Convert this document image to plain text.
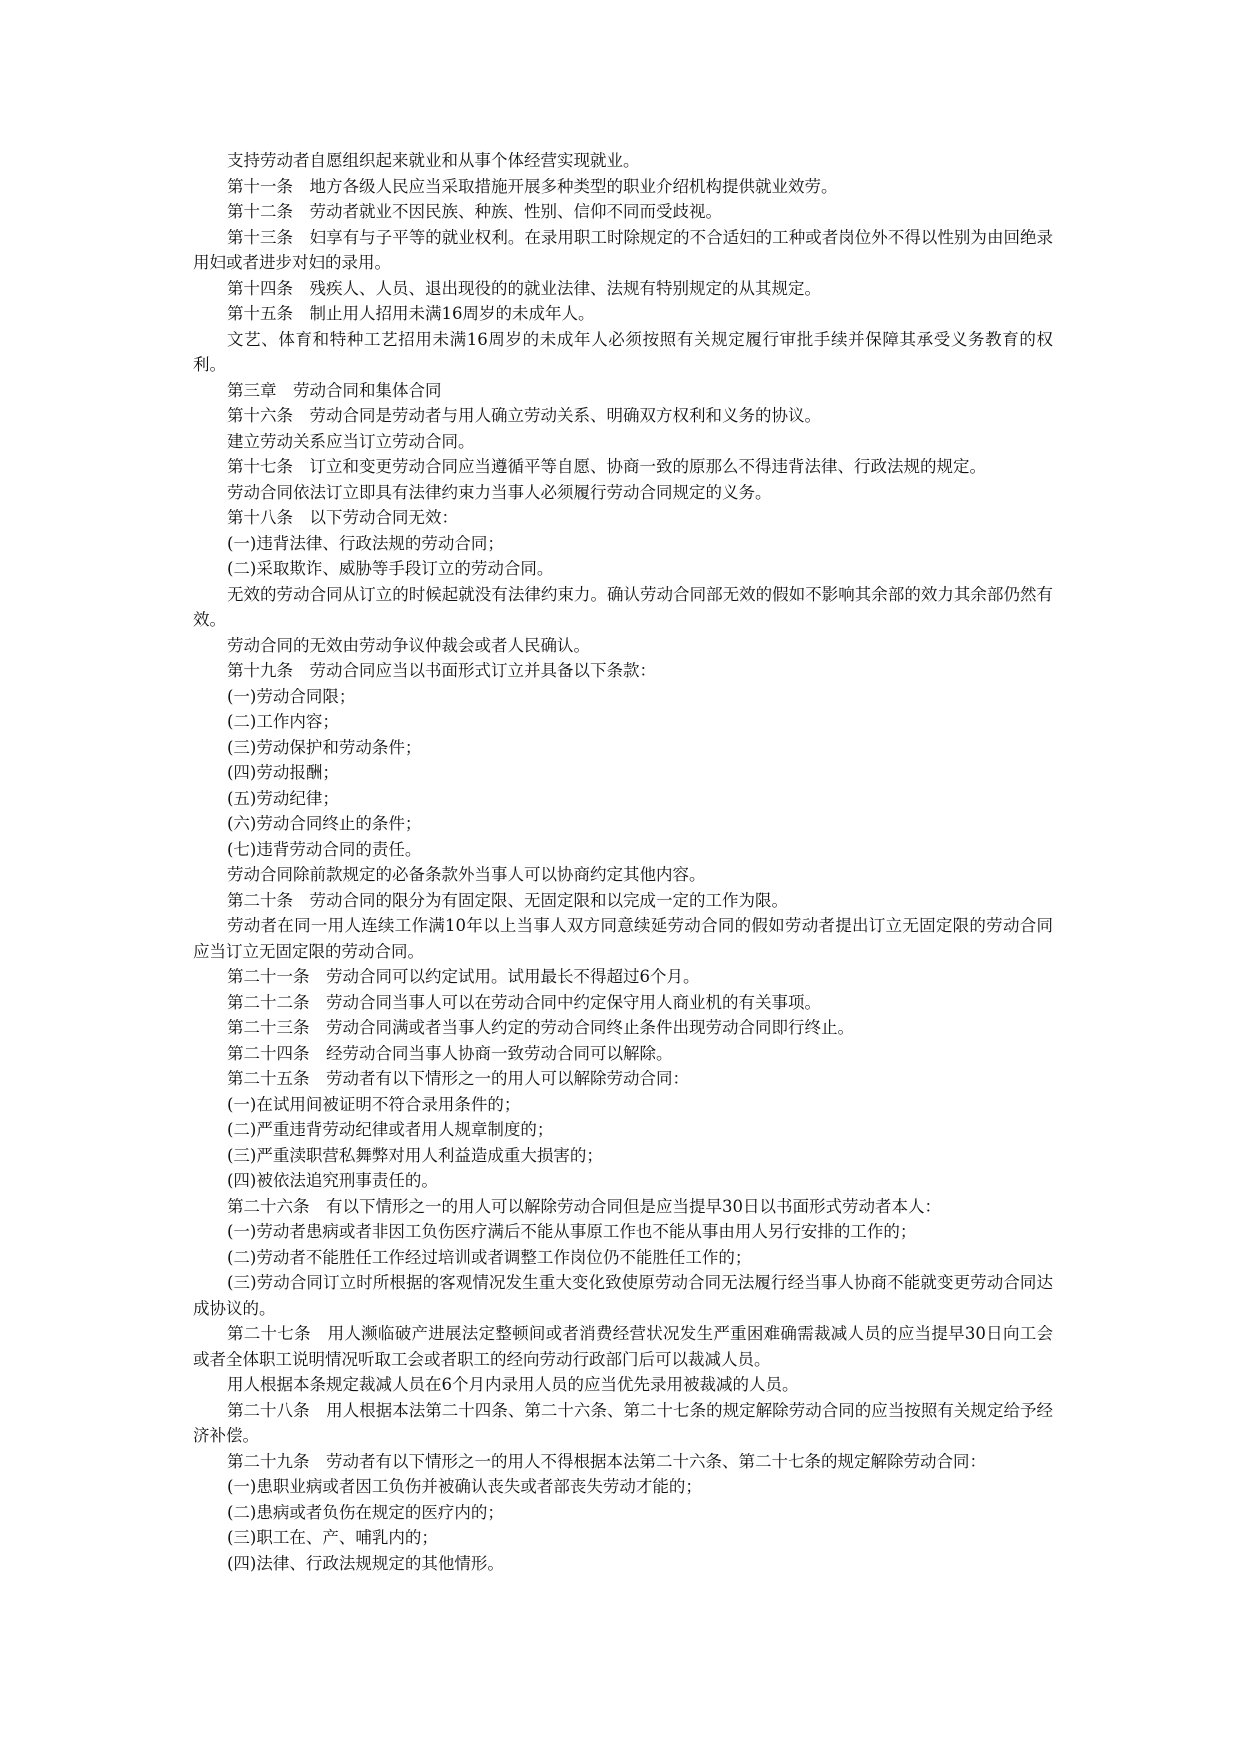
支持劳动者自愿组织起来就业和从事个体经营实现就业。

第十一条　地方各级人民应当采取措施开展多种类型的职业介绍机构提供就业效劳。

第十二条　劳动者就业不因民族、种族、性别、信仰不同而受歧视。

第十三条　妇享有与子平等的就业权利。在录用职工时除规定的不合适妇的工种或者岗位外不得以性别为由回绝录用妇或者进步对妇的录用。

第十四条　残疾人、人员、退出现役的的就业法律、法规有特别规定的从其规定。

第十五条　制止用人招用未满16周岁的未成年人。

文艺、体育和特种工艺招用未满16周岁的未成年人必须按照有关规定履行审批手续并保障其承受义务教育的权利。

第三章　劳动合同和集体合同

第十六条　劳动合同是劳动者与用人确立劳动关系、明确双方权利和义务的协议。

建立劳动关系应当订立劳动合同。

第十七条　订立和变更劳动合同应当遵循平等自愿、协商一致的原那么不得违背法律、行政法规的规定。

劳动合同依法订立即具有法律约束力当事人必须履行劳动合同规定的义务。

第十八条　以下劳动合同无效：

(一)违背法律、行政法规的劳动合同；

(二)采取欺诈、威胁等手段订立的劳动合同。

无效的劳动合同从订立的时候起就没有法律约束力。确认劳动合同部无效的假如不影响其余部的效力其余部仍然有效。

劳动合同的无效由劳动争议仲裁会或者人民确认。

第十九条　劳动合同应当以书面形式订立并具备以下条款：

(一)劳动合同限；

(二)工作内容；

(三)劳动保护和劳动条件；

(四)劳动报酬；

(五)劳动纪律；

(六)劳动合同终止的条件；

(七)违背劳动合同的责任。

劳动合同除前款规定的必备条款外当事人可以协商约定其他内容。

第二十条　劳动合同的限分为有固定限、无固定限和以完成一定的工作为限。

劳动者在同一用人连续工作满10年以上当事人双方同意续延劳动合同的假如劳动者提出订立无固定限的劳动合同应当订立无固定限的劳动合同。

第二十一条　劳动合同可以约定试用。试用最长不得超过6个月。

第二十二条　劳动合同当事人可以在劳动合同中约定保守用人商业机的有关事项。

第二十三条　劳动合同满或者当事人约定的劳动合同终止条件出现劳动合同即行终止。

第二十四条　经劳动合同当事人协商一致劳动合同可以解除。

第二十五条　劳动者有以下情形之一的用人可以解除劳动合同：

(一)在试用间被证明不符合录用条件的；

(二)严重违背劳动纪律或者用人规章制度的；

(三)严重渎职营私舞弊对用人利益造成重大损害的；

(四)被依法追究刑事责任的。

第二十六条　有以下情形之一的用人可以解除劳动合同但是应当提早30日以书面形式劳动者本人：

(一)劳动者患病或者非因工负伤医疗满后不能从事原工作也不能从事由用人另行安排的工作的；

(二)劳动者不能胜任工作经过培训或者调整工作岗位仍不能胜任工作的；

(三)劳动合同订立时所根据的客观情况发生重大变化致使原劳动合同无法履行经当事人协商不能就变更劳动合同达成协议的。

第二十七条　用人濒临破产进展法定整顿间或者消费经营状况发生严重困难确需裁减人员的应当提早30日向工会或者全体职工说明情况听取工会或者职工的经向劳动行政部门后可以裁减人员。

用人根据本条规定裁减人员在6个月内录用人员的应当优先录用被裁减的人员。

第二十八条　用人根据本法第二十四条、第二十六条、第二十七条的规定解除劳动合同的应当按照有关规定给予经济补偿。

第二十九条　劳动者有以下情形之一的用人不得根据本法第二十六条、第二十七条的规定解除劳动合同：

(一)患职业病或者因工负伤并被确认丧失或者部丧失劳动才能的；

(二)患病或者负伤在规定的医疗内的；

(三)职工在、产、哺乳内的；

(四)法律、行政法规规定的其他情形。
